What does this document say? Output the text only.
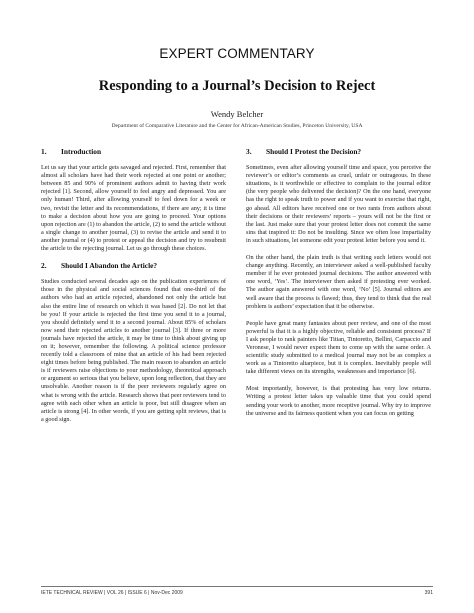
EXPERT COMMENTARY
Responding to a Journal’s Decision to Reject
Wendy Belcher
Department of Comparative Literature and the Center for African-American Studies, Princeton University, USA
1. Introduction

Let us say that your article gets savaged and rejected. First, remember that almost all scholars have had their work rejected at one point or another; between 85 and 90% of prominent authors admit to having their work rejected [1]. Second, allow yourself to feel angry and depressed. You are only human! Third, after allowing yourself to feel down for a week or two, revisit the letter and its recommendations, if there are any; it is time to make a decision about how you are going to proceed. Your options upon rejection are (1) to abandon the article, (2) to send the article without a single change to another journal, (3) to revise the article and send it to another journal or (4) to protest or appeal the decision and try to resubmit the article to the rejecting journal. Let us go through these choices.

2. Should I Abandon the Article?

Studies conducted several decades ago on the publication experiences of those in the physical and social sciences found that one-third of the authors who had an article rejected, abandoned not only the article but also the entire line of research on which it was based [2]. Do not let that be you! If your article is rejected the first time you send it to a journal, you should definitely send it to a second journal. About 85% of scholars now send their rejected articles to another journal [3]. If three or more journals have rejected the article, it may be time to think about giving up on it; however, remember the following. A political science professor recently told a classroom of mine that an article of his had been rejected eight times before being published. The main reason to abandon an article is if reviewers raise objections to your methodology, theoretical approach or argument so serious that you believe, upon long reflection, that they are unsolvable. Another reason is if the peer reviewers regularly agree on what is wrong with the article. Research shows that peer reviewers tend to agree with each other when an article is poor, but still disagree when an article is strong [4]. In other words, if you are getting split reviews, that is a good sign.

3. Should I Protest the Decision?

Sometimes, even after allowing yourself time and space, you perceive the reviewer’s or editor’s comments as cruel, unfair or outrageous. In these situations, is it worthwhile or effective to complain to the journal editor (the very people who delivered the decision)? On the one hand, everyone has the right to speak truth to power and if you want to exercise that right, go ahead. All editors have received one or two rants from authors about their decisions or their reviewers’ reports – yours will not be the first or the last. Just make sure that your protest letter does not commit the same sins that inspired it: Do not be insulting. Since we often lose impartiality in such situations, let someone edit your protest letter before you send it.

On the other hand, the plain truth is that writing such letters would not change anything. Recently, an interviewer asked a well-published faculty member if he ever protested journal decisions. The author answered with one word, ‘Yes’. The interviewer then asked if protesting ever worked. The author again answered with one word, ‘No’ [5]. Journal editors are well aware that the process is flawed; thus, they tend to think that the real problem is authors’ expectation that it be otherwise.

People have great many fantasies about peer review, and one of the most powerful is that it is a highly objective, reliable and consistent process? If I ask people to rank painters like Titian, Tintoretto, Bellini, Carpaccio and Veronese, I would never expect them to come up with the same order. A scientific study submitted to a medical journal may not be as complex a work as a Tintoretto altarpiece, but it is complex. Inevitably people will take different views on its strengths, weaknesses and importance [6].

Most importantly, however, is that protesting has very low returns. Writing a protest letter takes up valuable time that you could spend sending your work to another, more receptive journal. Why try to improve the universe and its fairness quotient when you can focus on getting

IETE TECHNICAL REVIEW | VOL 26 | ISSUE 6 | Nov-Dec 2009	391
